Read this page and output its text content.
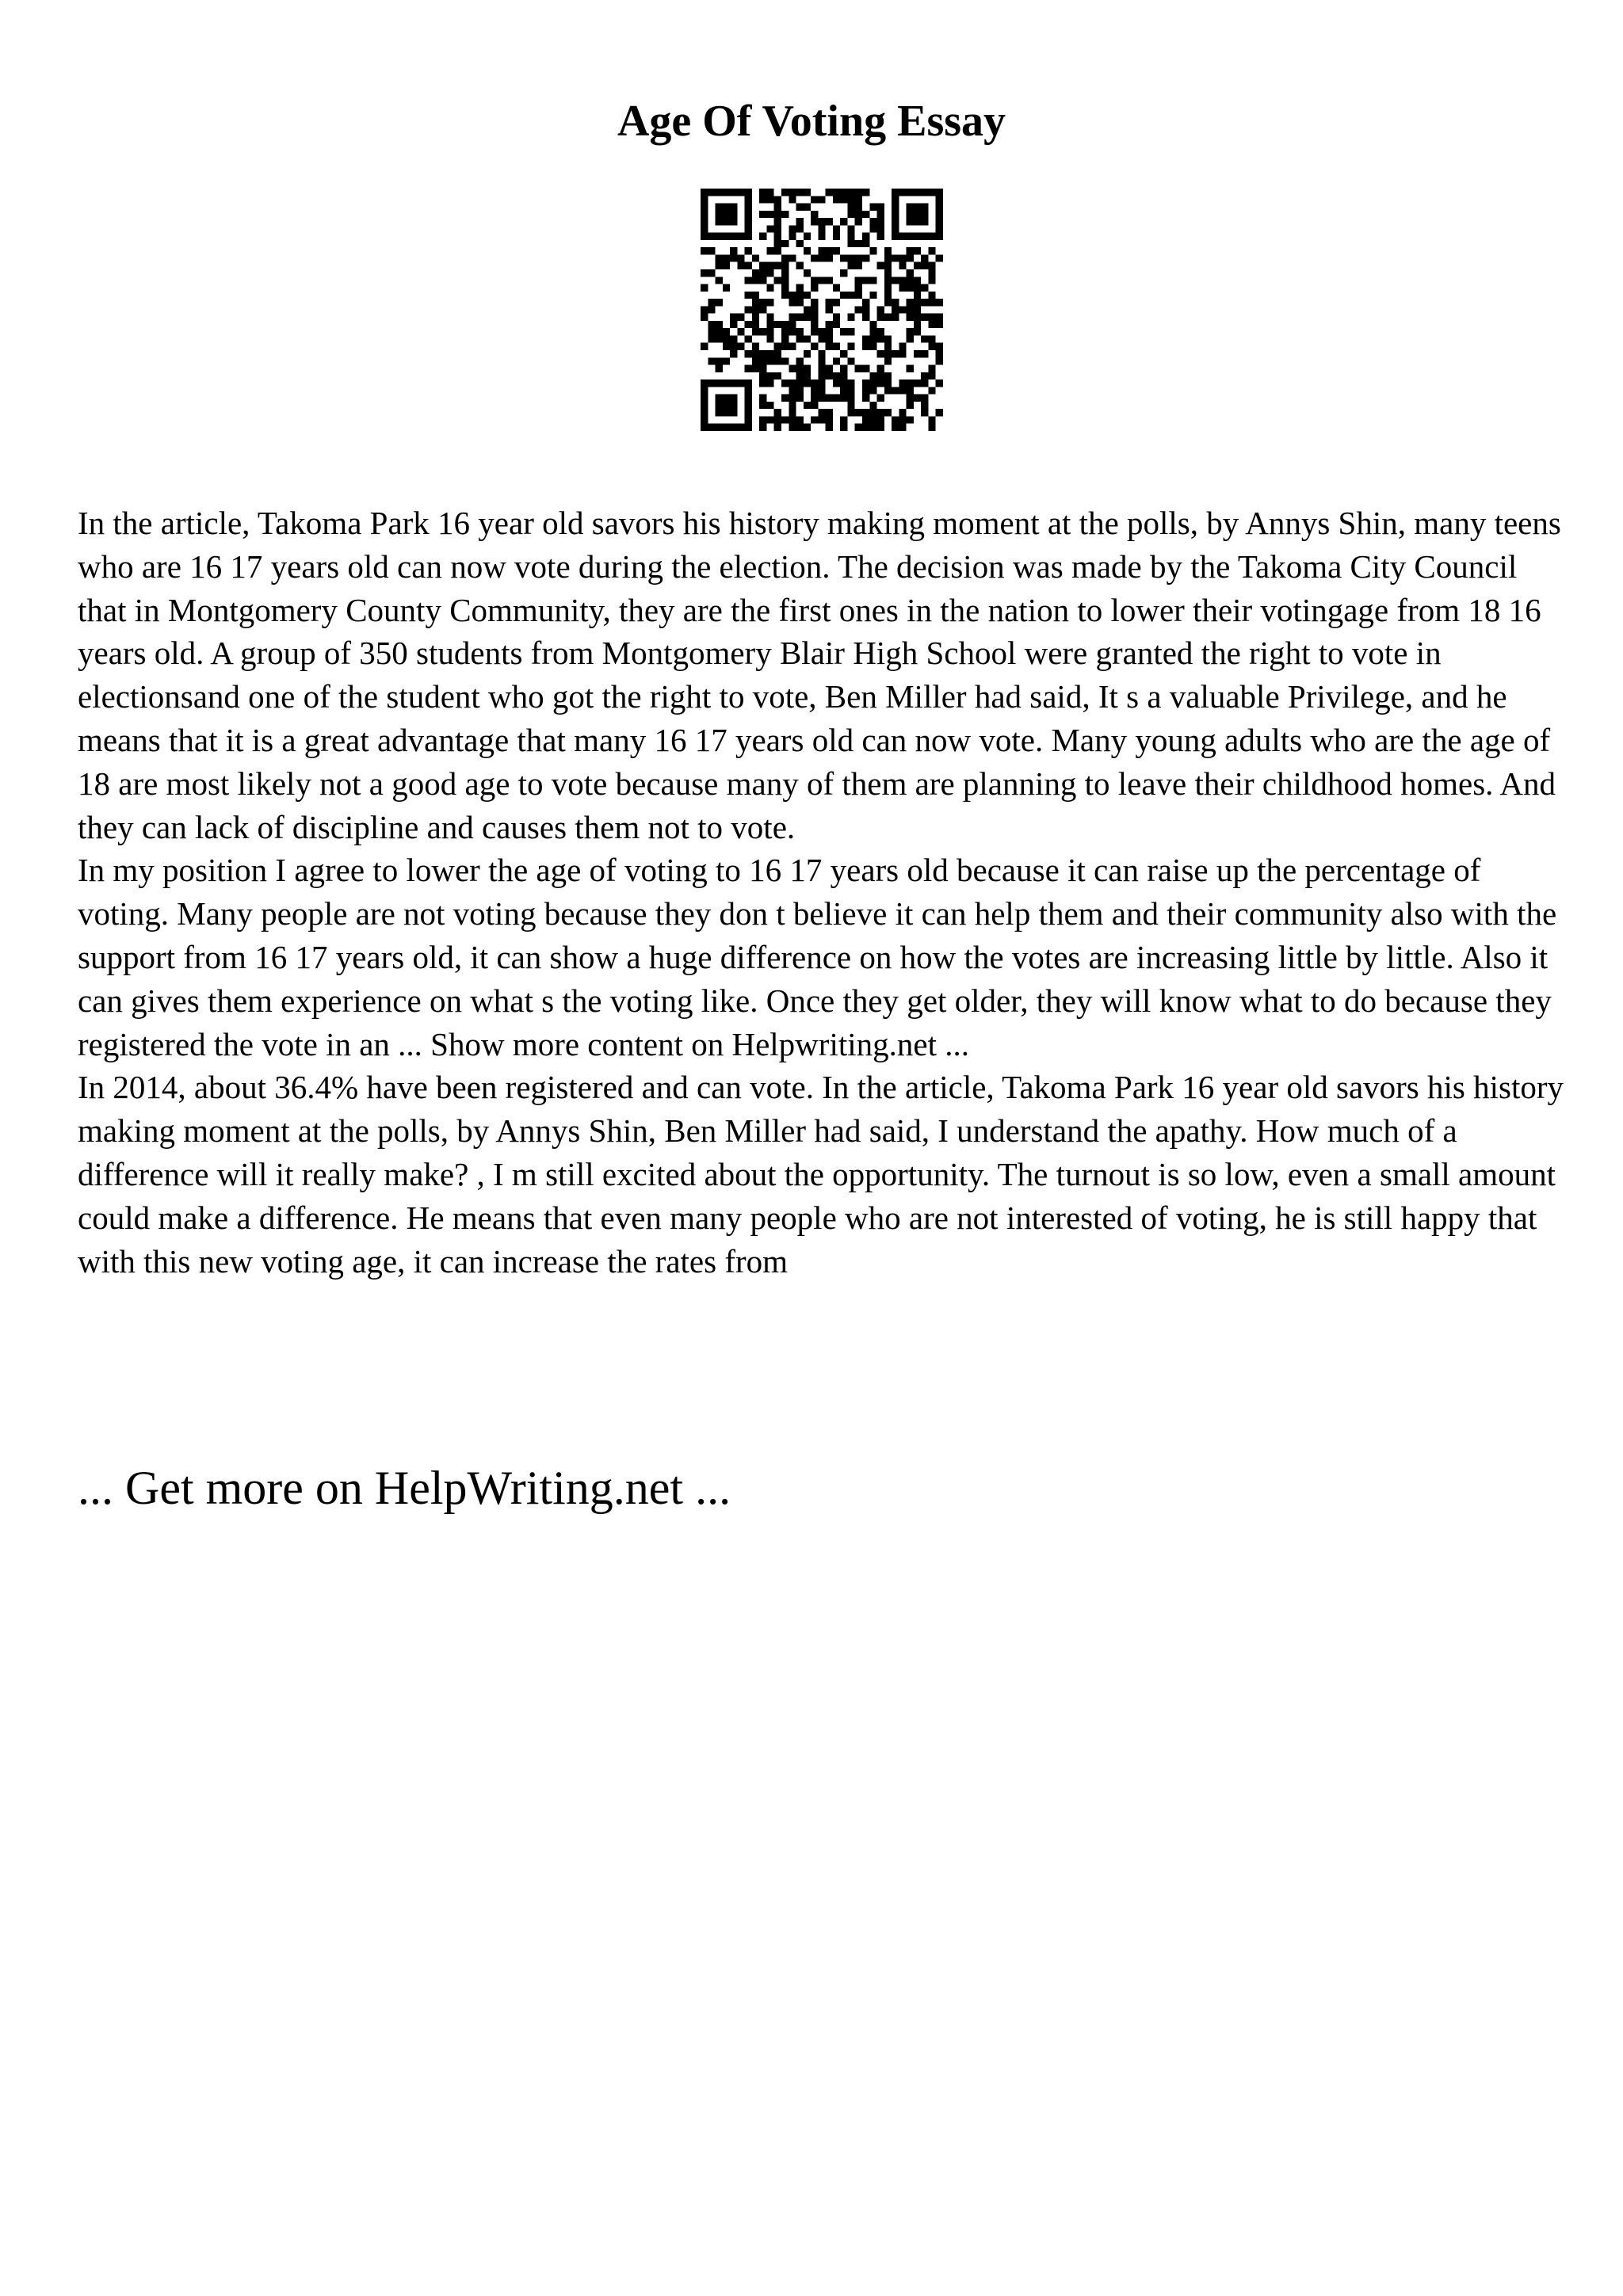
Age Of Voting Essay

In the article, Takoma Park 16 year old savors his history making moment at the polls, by Annys Shin, many teens who are 16 17 years old can now vote during the election. The decision was made by the Takoma City Council that in Montgomery County Community, they are the first ones in the nation to lower their votingage from 18 16 years old. A group of 350 students from Montgomery Blair High School were granted the right to vote in electionsand one of the student who got the right to vote, Ben Miller had said, It s a valuable Privilege, and he means that it is a great advantage that many 16 17 years old can now vote. Many young adults who are the age of 18 are most likely not a good age to vote because many of them are planning to leave their childhood homes. And they can lack of discipline and causes them not to vote.

In my position I agree to lower the age of voting to 16 17 years old because it can raise up the percentage of voting. Many people are not voting because they don t believe it can help them and their community also with the support from 16 17 years old, it can show a huge difference on how the votes are increasing little by little. Also it can gives them experience on what s the voting like. Once they get older, they will know what to do because they registered the vote in an ... Show more content on Helpwriting.net ...

In 2014, about 36.4% have been registered and can vote. In the article, Takoma Park 16 year old savors his history making moment at the polls, by Annys Shin, Ben Miller had said, I understand the apathy. How much of a difference will it really make? , I m still excited about the opportunity. The turnout is so low, even a small amount could make a difference. He means that even many people who are not interested of voting, he is still happy that with this new voting age, it can increase the rates from

... Get more on HelpWriting.net ...
